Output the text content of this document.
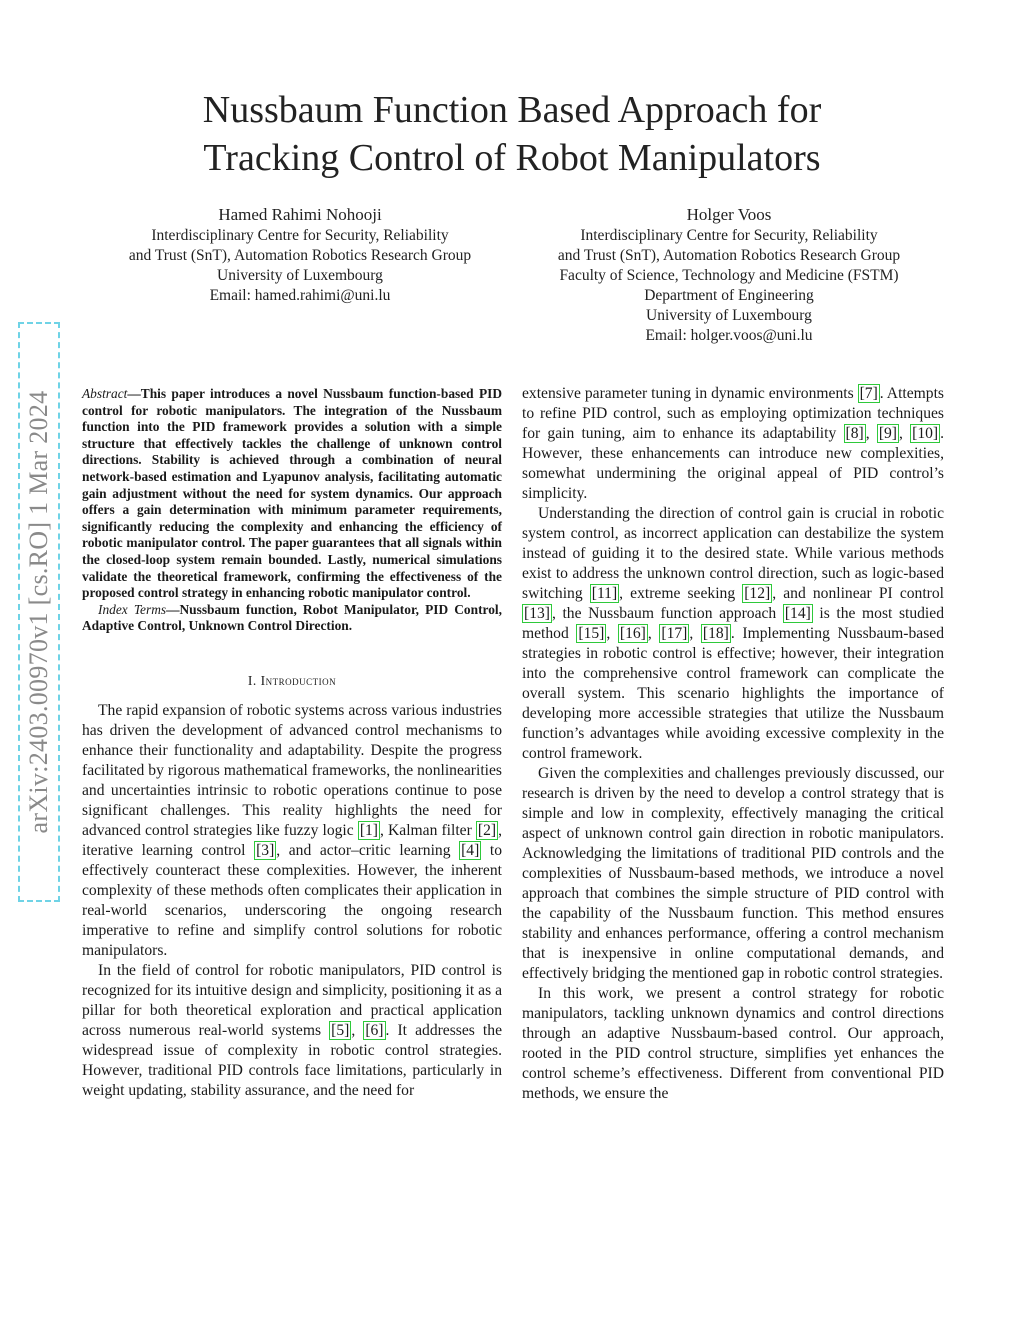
arXiv:2403.00970v1 [cs.RO] 1 Mar 2024
Nussbaum Function Based Approach for
Tracking Control of Robot Manipulators
Hamed Rahimi Nohooji
Interdisciplinary Centre for Security, Reliability
and Trust (SnT), Automation Robotics Research Group
University of Luxembourg
Email: hamed.rahimi@uni.lu
Holger Voos
Interdisciplinary Centre for Security, Reliability
and Trust (SnT), Automation Robotics Research Group
Faculty of Science, Technology and Medicine (FSTM)
Department of Engineering
University of Luxembourg
Email: holger.voos@uni.lu

Abstract—This paper introduces a novel Nussbaum function-based PID control for robotic manipulators. The integration of the Nussbaum function into the PID framework provides a solution with a simple structure that effectively tackles the challenge of unknown control directions. Stability is achieved through a combination of neural network-based estimation and Lyapunov analysis, facilitating automatic gain adjustment without the need for system dynamics. Our approach offers a gain determination with minimum parameter requirements, significantly reducing the complexity and enhancing the efficiency of robotic manipulator control. The paper guarantees that all signals within the closed-loop system remain bounded. Lastly, numerical simulations validate the theoretical framework, confirming the effectiveness of the proposed control strategy in enhancing robotic manipulator control.

Index Terms—Nussbaum function, Robot Manipulator, PID Control, Adaptive Control, Unknown Control Direction.

I. Introduction

The rapid expansion of robotic systems across various industries has driven the development of advanced control mechanisms to enhance their functionality and adaptability. Despite the progress facilitated by rigorous mathematical frameworks, the nonlinearities and uncertainties intrinsic to robotic operations continue to pose significant challenges. This reality highlights the need for advanced control strategies like fuzzy logic [1] , Kalman filter [2] , iterative learning control [3] , and actor–critic learning [4] to effectively counteract these complexities. However, the inherent complexity of these methods often complicates their application in real-world scenarios, underscoring the ongoing research imperative to refine and simplify control solutions for robotic manipulators.

In the field of control for robotic manipulators, PID control is recognized for its intuitive design and simplicity, positioning it as a pillar for both theoretical exploration and practical application across numerous real-world systems [5] , [6] . It addresses the widespread issue of complexity in robotic control strategies. However, traditional PID controls face limitations, particularly in weight updating, stability assurance, and the need for

extensive parameter tuning in dynamic environments [7] . Attempts to refine PID control, such as employing optimization techniques for gain tuning, aim to enhance its adaptability [8] , [9] , [10] . However, these enhancements can introduce new complexities, somewhat undermining the original appeal of PID control’s simplicity.

Understanding the direction of control gain is crucial in robotic system control, as incorrect application can destabilize the system instead of guiding it to the desired state. While various methods exist to address the unknown control direction, such as logic-based switching [11] , extreme seeking [12] , and nonlinear PI control [13] , the Nussbaum function approach [14] is the most studied method [15] , [16] , [17] , [18] . Implementing Nussbaum-based strategies in robotic control is effective; however, their integration into the comprehensive control framework can complicate the overall system. This scenario highlights the importance of developing more accessible strategies that utilize the Nussbaum function’s advantages while avoiding excessive complexity in the control framework.

Given the complexities and challenges previously discussed, our research is driven by the need to develop a control strategy that is simple and low in complexity, effectively managing the critical aspect of unknown control gain direction in robotic manipulators. Acknowledging the limitations of traditional PID controls and the complexities of Nussbaum-based methods, we introduce a novel approach that combines the simple structure of PID control with the capability of the Nussbaum function. This method ensures stability and enhances performance, offering a control mechanism that is inexpensive in online computational demands, and effectively bridging the mentioned gap in robotic control strategies.

In this work, we present a control strategy for robotic manipulators, tackling unknown dynamics and control directions through an adaptive Nussbaum-based control. Our approach, rooted in the PID control structure, simplifies yet enhances the control scheme’s effectiveness. Different from conventional PID methods, we ensure the
